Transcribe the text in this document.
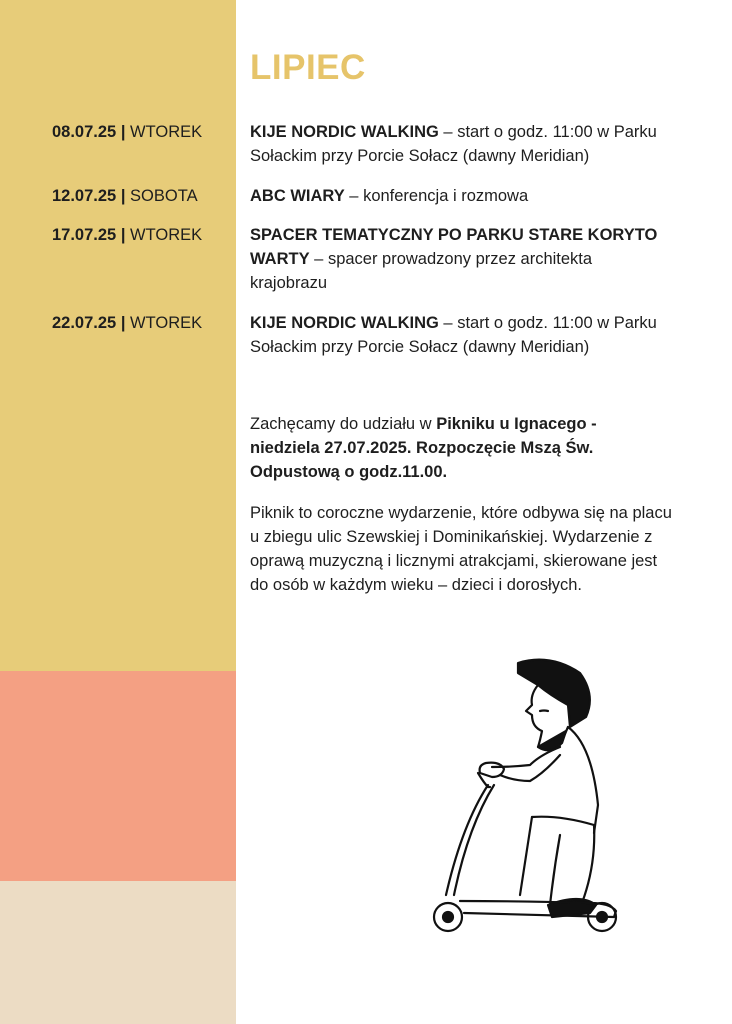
LIPIEC
08.07.25 | WTOREK	KIJE NORDIC WALKING – start o godz. 11:00 w Parku Sołackim przy Porcie Sołacz (dawny Meridian)
12.07.25 | SOBOTA	ABC WIARY – konferencja i rozmowa
17.07.25 | WTOREK	SPACER TEMATYCZNY PO PARKU STARE KORYTO WARTY – spacer prowadzony przez architekta krajobrazu
22.07.25 | WTOREK	KIJE NORDIC WALKING – start o godz. 11:00 w Parku Sołackim przy Porcie Sołacz (dawny Meridian)

Zachęcamy do udziału w Pikniku u Ignacego - niedziela 27.07.2025. Rozpoczęcie Mszą Św. Odpustową o godz.11.00.

Piknik to coroczne wydarzenie, które odbywa się na placu u zbiegu ulic Szewskiej i Dominikańskiej. Wydarzenie z oprawą muzyczną i licznymi atrakcjami, skierowane jest do osób w każdym wieku – dzieci i dorosłych.
